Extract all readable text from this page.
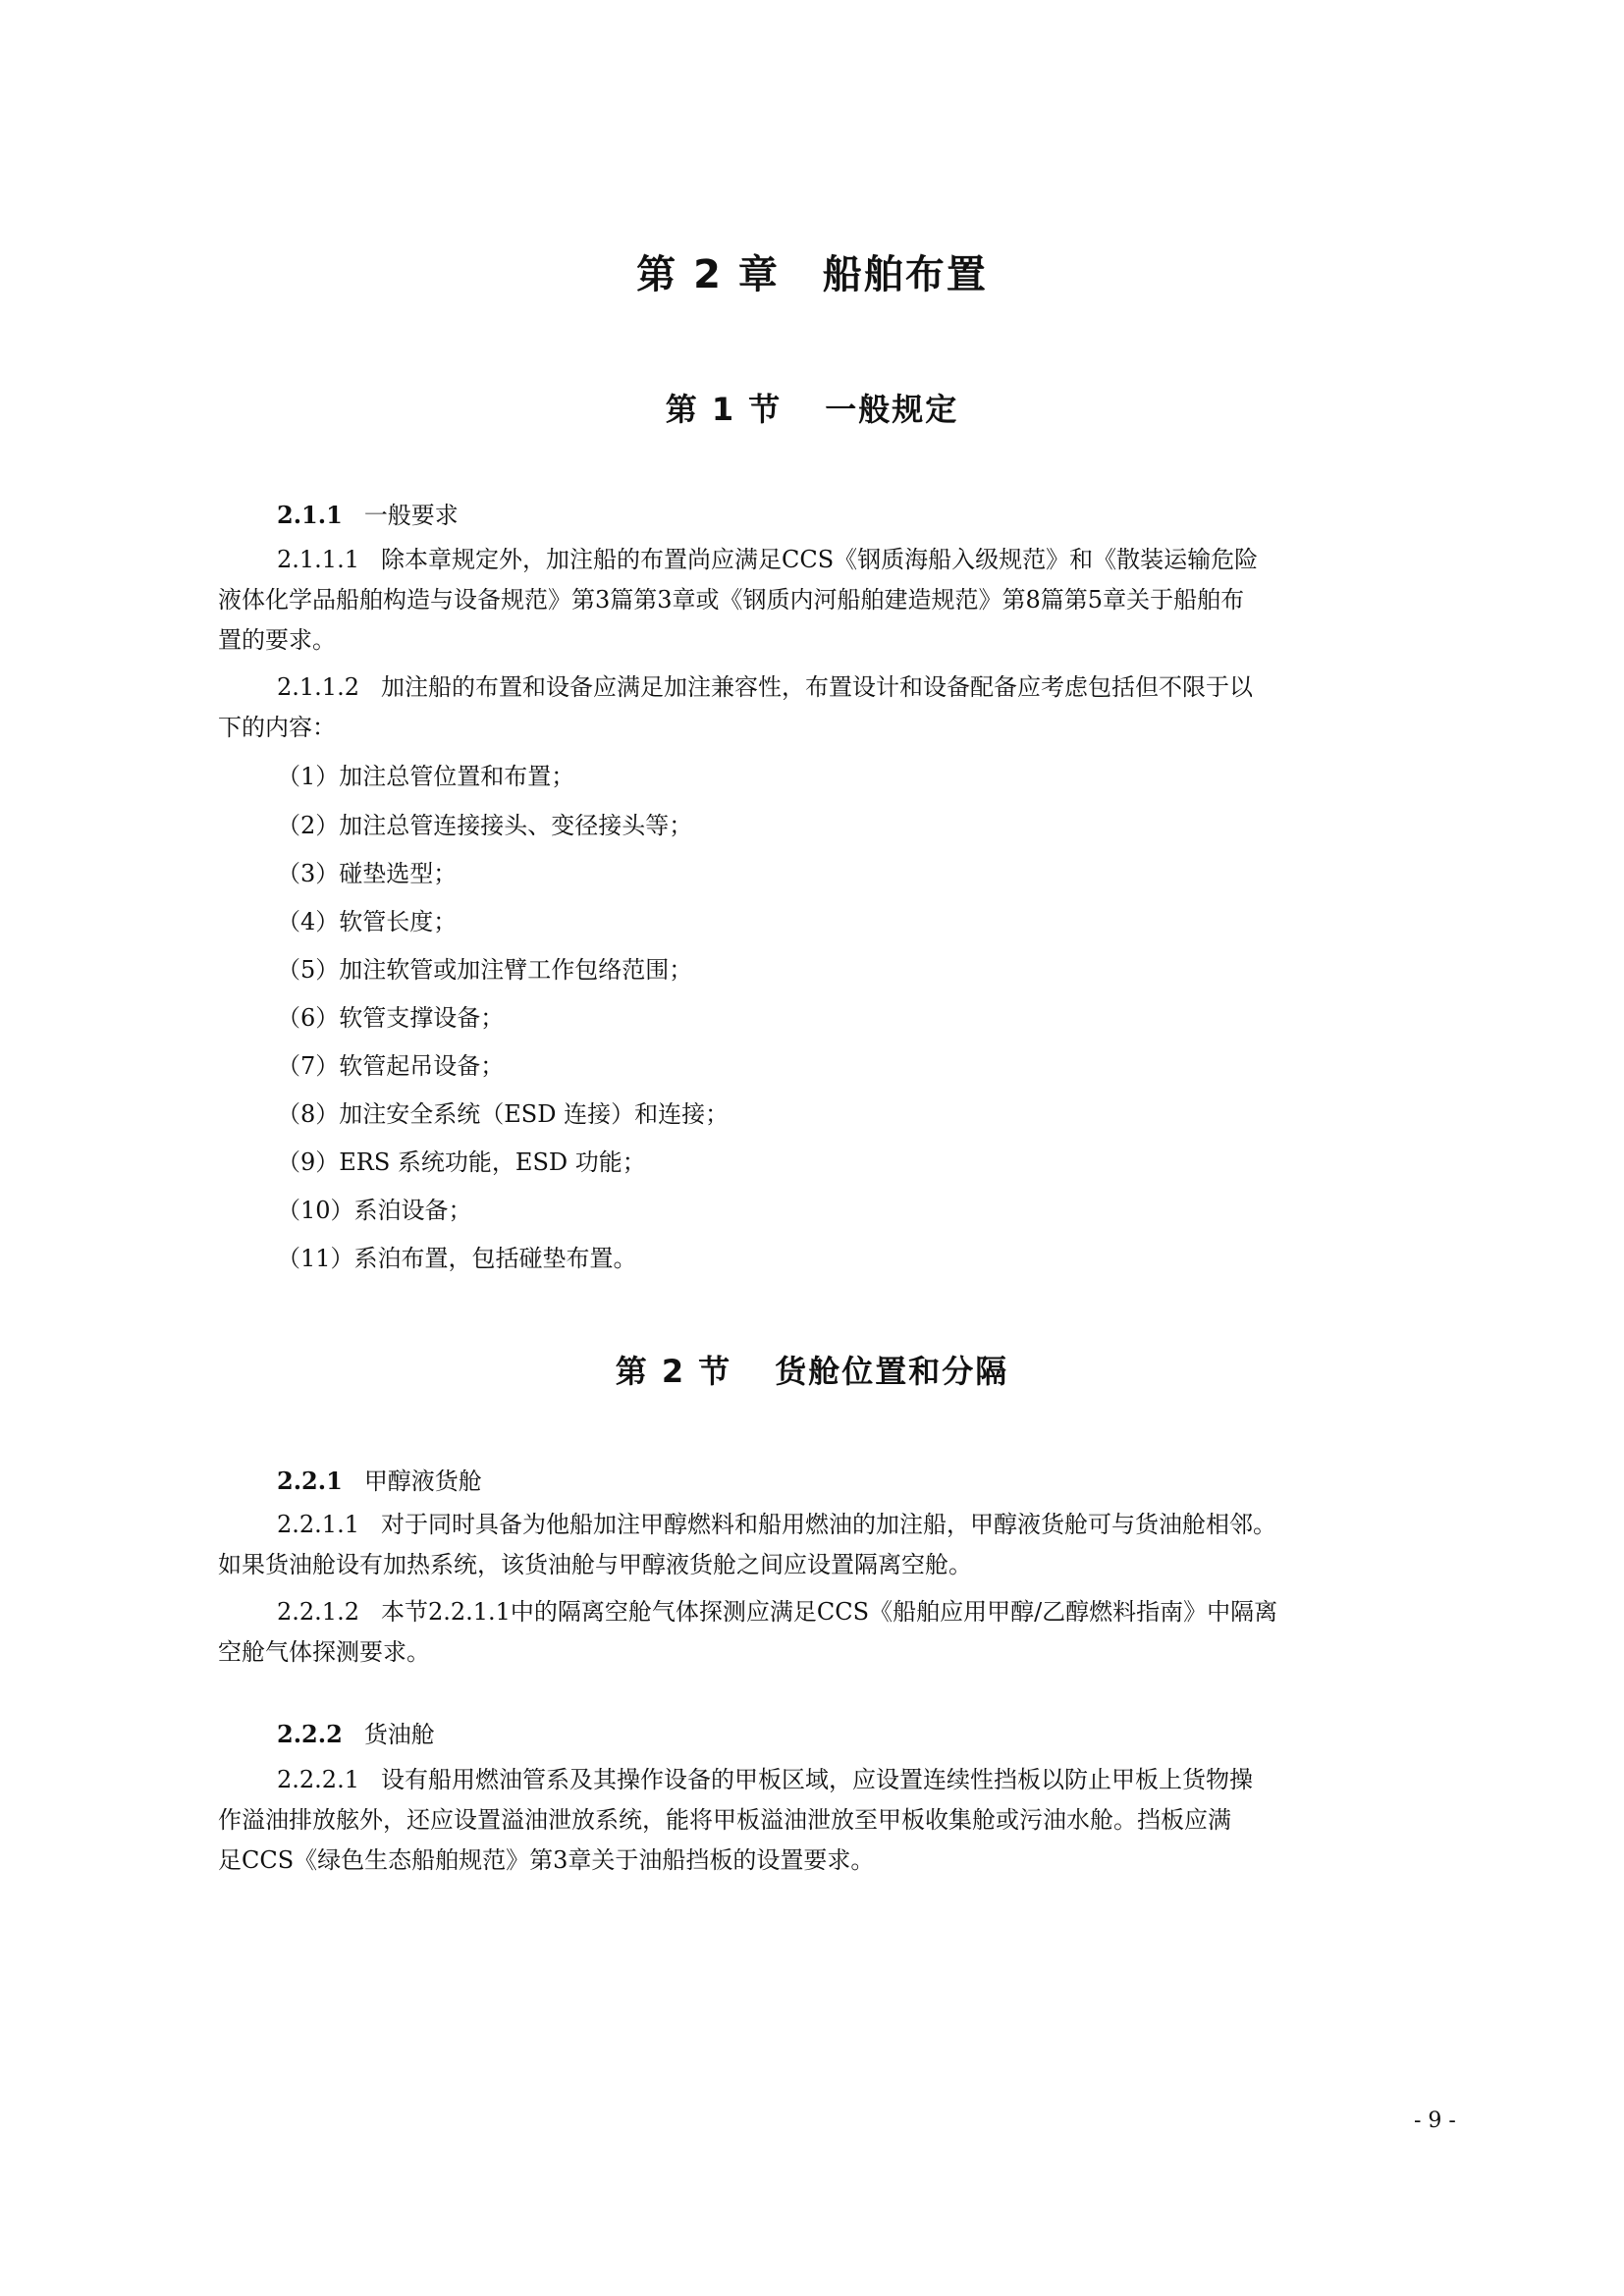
第 2 章 船舶布置
第 1 节 一般规定
2.1.1 一般要求
2.1.1.1 除本章规定外，加注船的布置尚应满足CCS《钢质海船入级规范》和《散装运输危险
液体化学品船舶构造与设备规范》第3篇第3章或《钢质内河船舶建造规范》第8篇第5章关于船舶布
置的要求。
2.1.1.2 加注船的布置和设备应满足加注兼容性，布置设计和设备配备应考虑包括但不限于以
下的内容：
（1）加注总管位置和布置；
（2）加注总管连接接头、变径接头等；
（3）碰垫选型；
（4）软管长度；
（5）加注软管或加注臂工作包络范围；
（6）软管支撑设备；
（7）软管起吊设备；
（8）加注安全系统（ESD 连接）和连接；
（9）ERS 系统功能，ESD 功能；
（10）系泊设备；
（11）系泊布置，包括碰垫布置。
第 2 节 货舱位置和分隔
2.2.1 甲醇液货舱
2.2.1.1 对于同时具备为他船加注甲醇燃料和船用燃油的加注船，甲醇液货舱可与货油舱相邻。
如果货油舱设有加热系统，该货油舱与甲醇液货舱之间应设置隔离空舱。
2.2.1.2 本节2.2.1.1中的隔离空舱气体探测应满足CCS《船舶应用甲醇/乙醇燃料指南》中隔离
空舱气体探测要求。
2.2.2 货油舱
2.2.2.1 设有船用燃油管系及其操作设备的甲板区域，应设置连续性挡板以防止甲板上货物操
作溢油排放舷外，还应设置溢油泄放系统，能将甲板溢油泄放至甲板收集舱或污油水舱。挡板应满
足CCS《绿色生态船舶规范》第3章关于油船挡板的设置要求。
- 9 -
